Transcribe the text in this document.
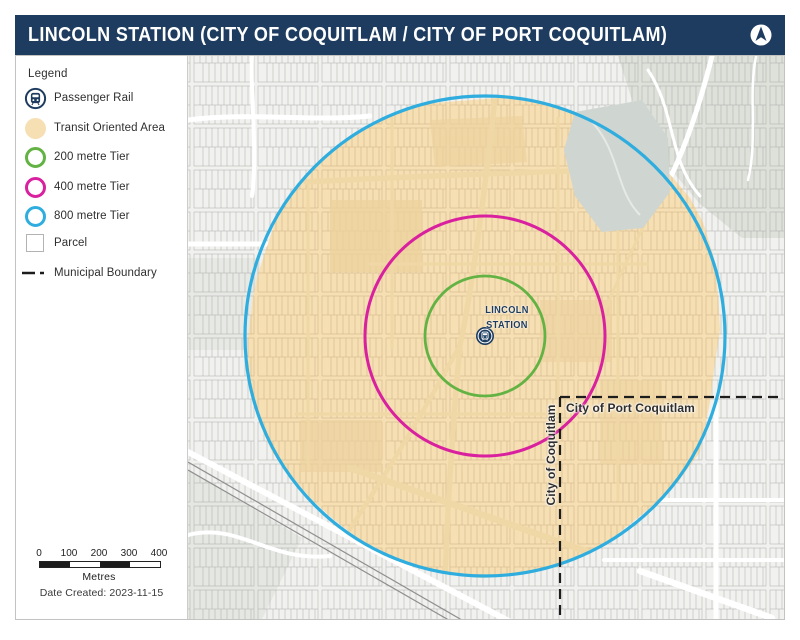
LINCOLN STATION (CITY OF COQUITLAM / CITY OF PORT COQUITLAM)
Legend
Passenger Rail
Transit Oriented Area
200 metre Tier
400 metre Tier
800 metre Tier
Parcel
Municipal Boundary
0 100 200 300 400
Metres
Date Created: 2023-11-15
LINCOLN
STATION
City of Port Coquitlam
City of Coquitlam
